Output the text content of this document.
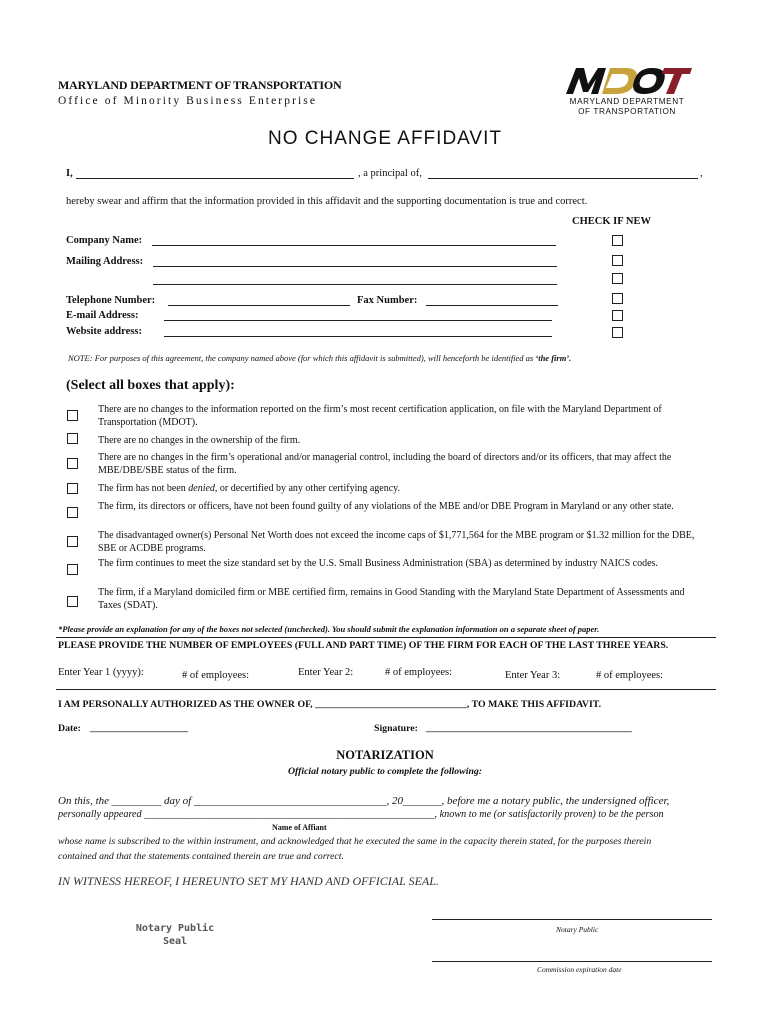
MARYLAND DEPARTMENT OF TRANSPORTATION
Office of Minority Business Enterprise	MARYLAND DEPARTMENT
OF TRANSPORTATION
NO CHANGE AFFIDAVIT
I,	, a principal of,	,
hereby swear and affirm that the information provided in this affidavit and the supporting documentation is true and correct.
CHECK IF NEW
Company Name:
Mailing Address:
Telephone Number:	Fax Number:
E-mail Address:
Website address:
NOTE: For purposes of this agreement, the company named above (for which this affidavit is submitted), will henceforth be identified as ‘the firm’.
(Select all boxes that apply):
There are no changes to the information reported on the firm’s most recent certification application, on file with the Maryland Department of Transportation (MDOT).
There are no changes in the ownership of the firm.
There are no changes in the firm’s operational and/or managerial control, including the board of directors and/or its officers, that may affect the MBE/DBE/SBE status of the firm.
The firm has not been denied, or decertified by any other certifying agency.
The firm, its directors or officers, have not been found guilty of any violations of the MBE and/or DBE Program in Maryland or any other state.
The disadvantaged owner(s) Personal Net Worth does not exceed the income caps of $1,771,564 for the MBE program or $1.32 million for the DBE, SBE or ACDBE programs.
The firm continues to meet the size standard set by the U.S. Small Business Administration (SBA) as determined by industry NAICS codes.
The firm, if a Maryland domiciled firm or MBE certified firm, remains in Good Standing with the Maryland State Department of Assessments and Taxes (SDAT).
*Please provide an explanation for any of the boxes not selected (unchecked). You should submit the explanation information on a separate sheet of paper.
PLEASE PROVIDE THE NUMBER OF EMPLOYEES (FULL AND PART TIME) OF THE FIRM FOR EACH OF THE LAST THREE YEARS.
Enter Year 1 (yyyy):	# of employees:	Enter Year 2:	# of employees:	Enter Year 3:	# of employees:
I AM PERSONALLY AUTHORIZED AS THE OWNER OF, _______________________________, TO MAKE THIS AFFIDAVIT.
Date: ____________________	Signature: __________________________________________
NOTARIZATION
Official notary public to complete the following:
On this, the _________ day of ___________________________________, 20_______, before me a notary public, the undersigned officer,
personally appeared _________________________________________________________, known to me (or satisfactorily proven) to be the person
Name of Affiant
whose name is subscribed to the within instrument, and acknowledged that he executed the same in the capacity therein stated, for the purposes therein
contained and that the statements contained therein are true and correct.
IN WITNESS HEREOF, I HEREUNTO SET MY HAND AND OFFICIAL SEAL.
Notary Public
Seal
Notary Public
Commission expiration date
